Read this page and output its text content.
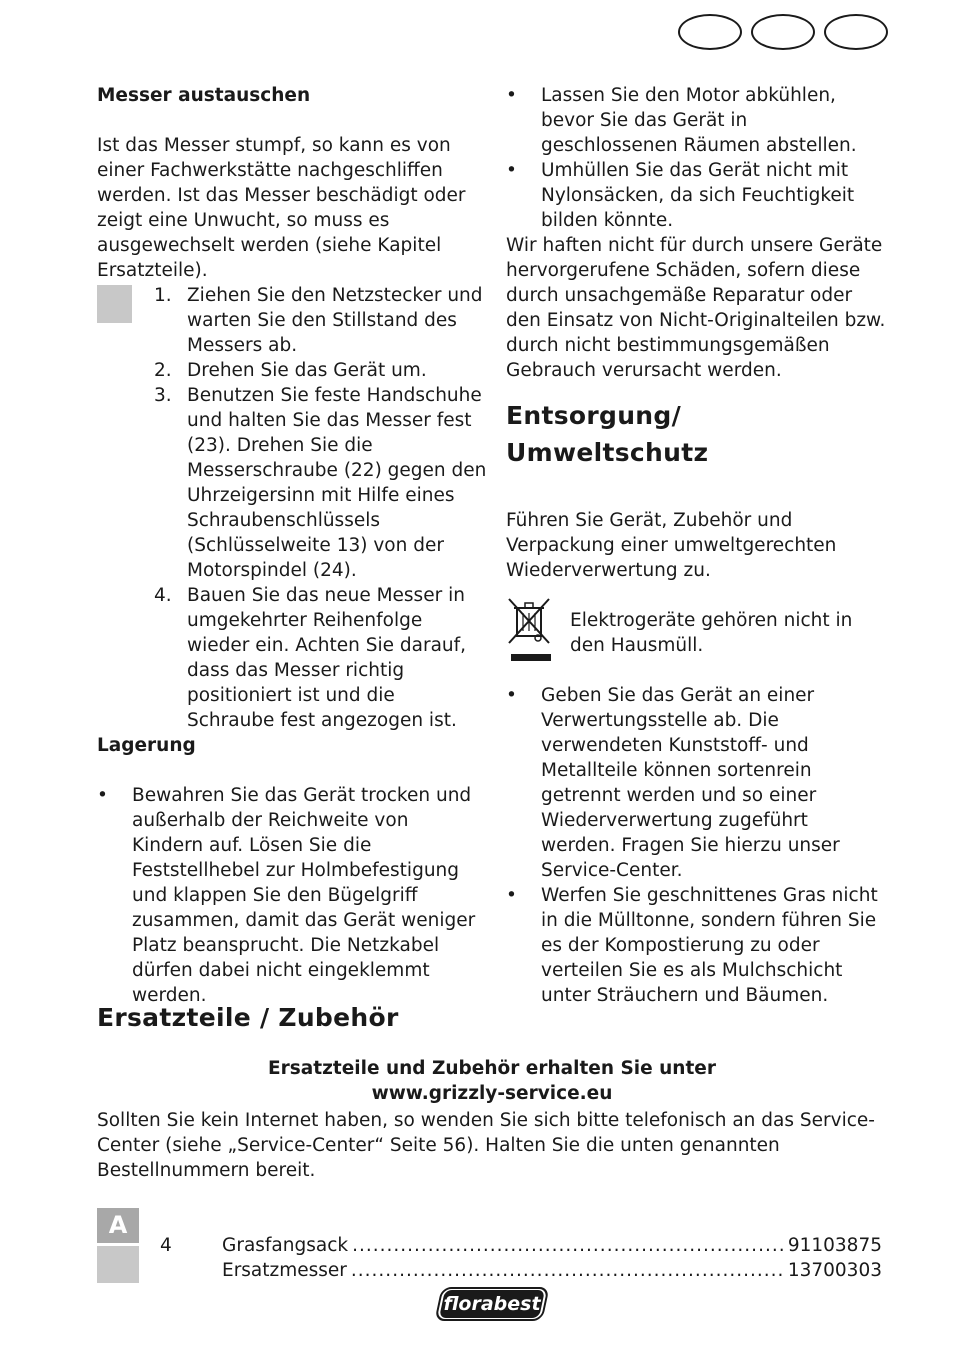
Messer austauschen

Ist das Messer stumpf, so kann es von einer Fachwerkstätte nachgeschliffen werden. Ist das Messer beschädigt oder zeigt eine Unwucht, so muss es ausgewechselt werden (siehe Kapitel Ersatzteile).

1. Ziehen Sie den Netzstecker und warten Sie den Stillstand des Messers ab.
2. Drehen Sie das Gerät um.
3. Benutzen Sie feste Handschuhe und halten Sie das Messer fest (23). Drehen Sie die Messerschraube (22) gegen den Uhrzeigersinn mit Hilfe eines Schraubenschlüssels (Schlüsselweite 13) von der Motorspindel (24).
4. Bauen Sie das neue Messer in umgekehrter Reihenfolge wieder ein. Achten Sie darauf, dass das Messer richtig positioniert ist und die Schraube fest angezogen ist.
Lagerung
• Bewahren Sie das Gerät trocken und außerhalb der Reichweite von Kindern auf. Lösen Sie die Feststellhebel zur Holmbefestigung und klappen Sie den Bügelgriff zusammen, damit das Gerät weniger Platz beansprucht. Die Netzkabel dürfen dabei nicht eingeklemmt werden.
• Lassen Sie den Motor abkühlen, bevor Sie das Gerät in geschlossenen Räumen abstellen.
• Umhüllen Sie das Gerät nicht mit Nylonsäcken, da sich Feuchtigkeit bilden könnte.

Wir haften nicht für durch unsere Geräte hervorgerufene Schäden, sofern diese durch unsachgemäße Reparatur oder den Einsatz von Nicht-Originalteilen bzw. durch nicht bestimmungsgemäßen Gebrauch verursacht werden.

Entsorgung/
Umweltschutz

Führen Sie Gerät, Zubehör und Verpackung einer umweltgerechten Wiederverwertung zu.

Elektrogeräte gehören nicht in den Hausmüll.

• Geben Sie das Gerät an einer Verwertungsstelle ab. Die verwendeten Kunststoff- und Metallteile können sortenrein getrennt werden und so einer Wiederverwertung zugeführt werden. Fragen Sie hierzu unser Service-Center.
• Werfen Sie geschnittenes Gras nicht in die Mülltonne, sondern führen Sie es der Kompostierung zu oder verteilen Sie es als Mulchschicht unter Sträuchern und Bäumen.
Ersatzteile / Zubehör
Ersatzteile und Zubehör erhalten Sie unter
www.grizzly-service.eu

Sollten Sie kein Internet haben, so wenden Sie sich bitte telefonisch an das Service-Center (siehe „Service-Center“ Seite 56). Halten Sie die unten genannten Bestellnummern bereit.

A
4	Grasfangsack .....	91103875
Ersatzmesser .....	13700303
florabest
